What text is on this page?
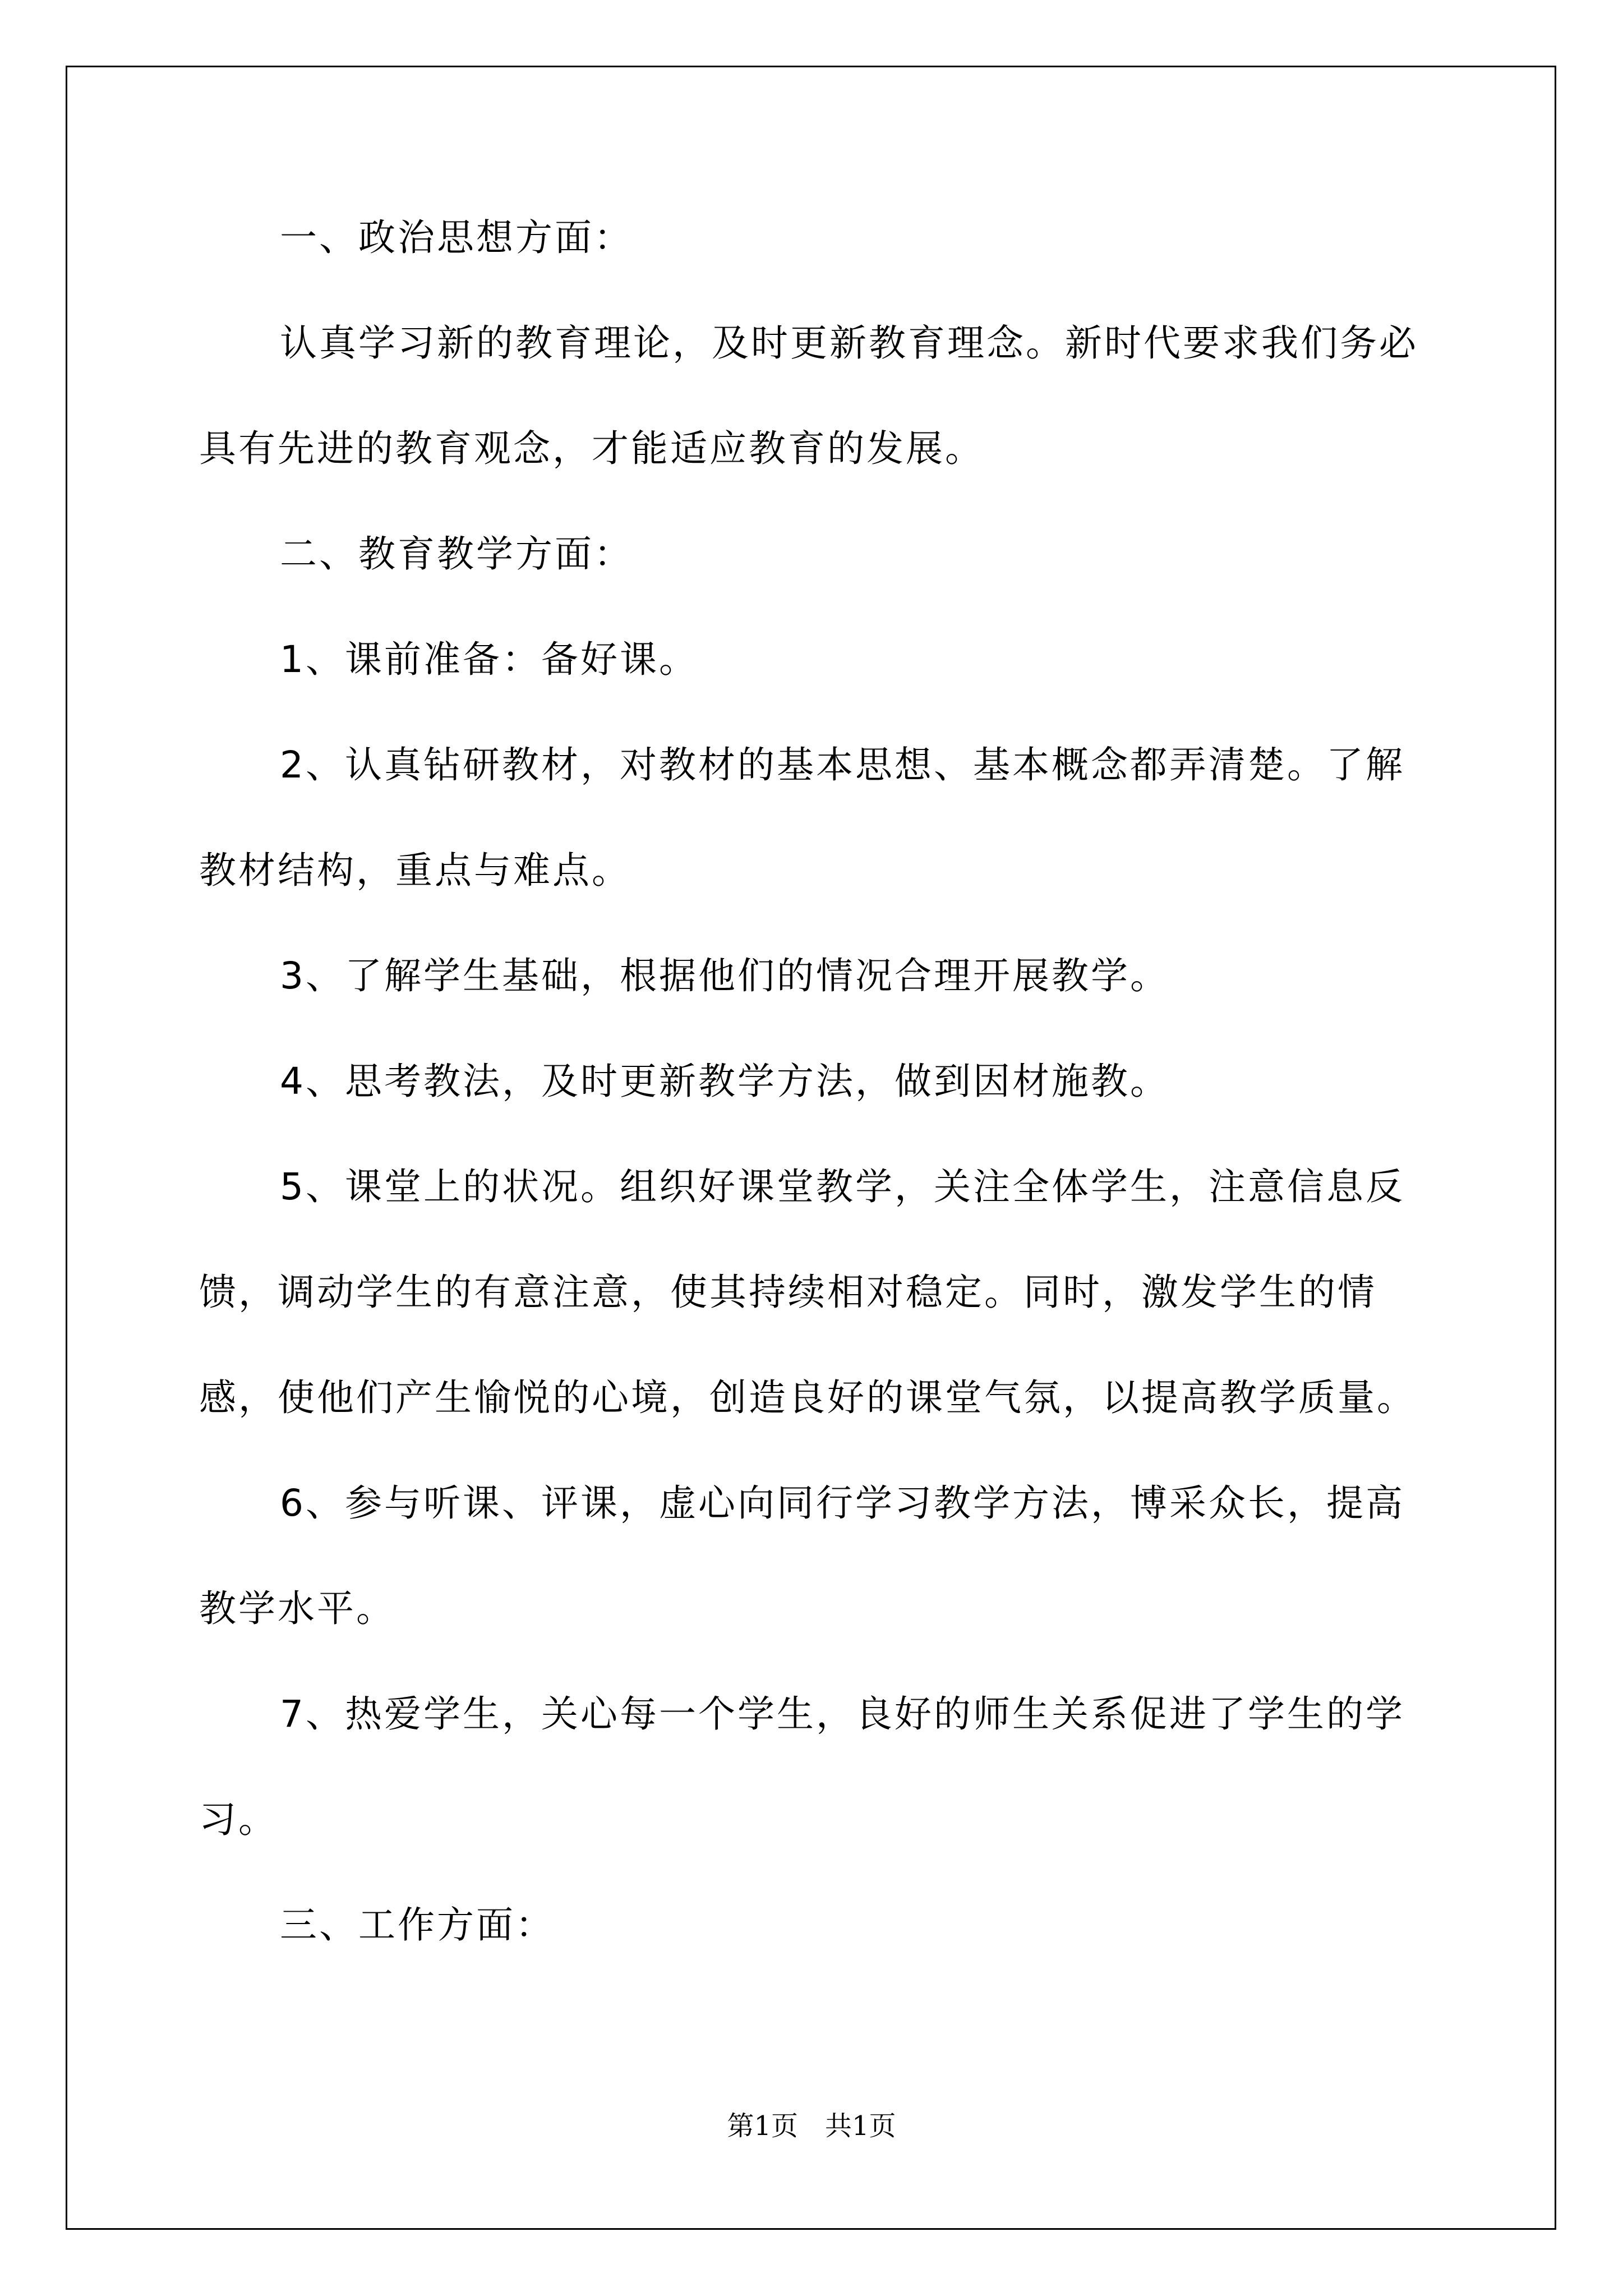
一、政治思想方面：

认真学习新的教育理论，及时更新教育理念。新时代要求我们务必具有先进的教育观念，才能适应教育的发展。

二、教育教学方面：

1、课前准备：备好课。

2、认真钻研教材，对教材的基本思想、基本概念都弄清楚。了解教材结构，重点与难点。

3、了解学生基础，根据他们的情况合理开展教学。

4、思考教法，及时更新教学方法，做到因材施教。

5、课堂上的状况。组织好课堂教学，关注全体学生，注意信息反馈，调动学生的有意注意，使其持续相对稳定。同时，激发学生的情感，使他们产生愉悦的心境，创造良好的课堂气氛，以提高教学质量。

6、参与听课、评课，虚心向同行学习教学方法，博采众长，提高教学水平。

7、热爱学生，关心每一个学生，良好的师生关系促进了学生的学习。

三、工作方面：

第1页 共1页
